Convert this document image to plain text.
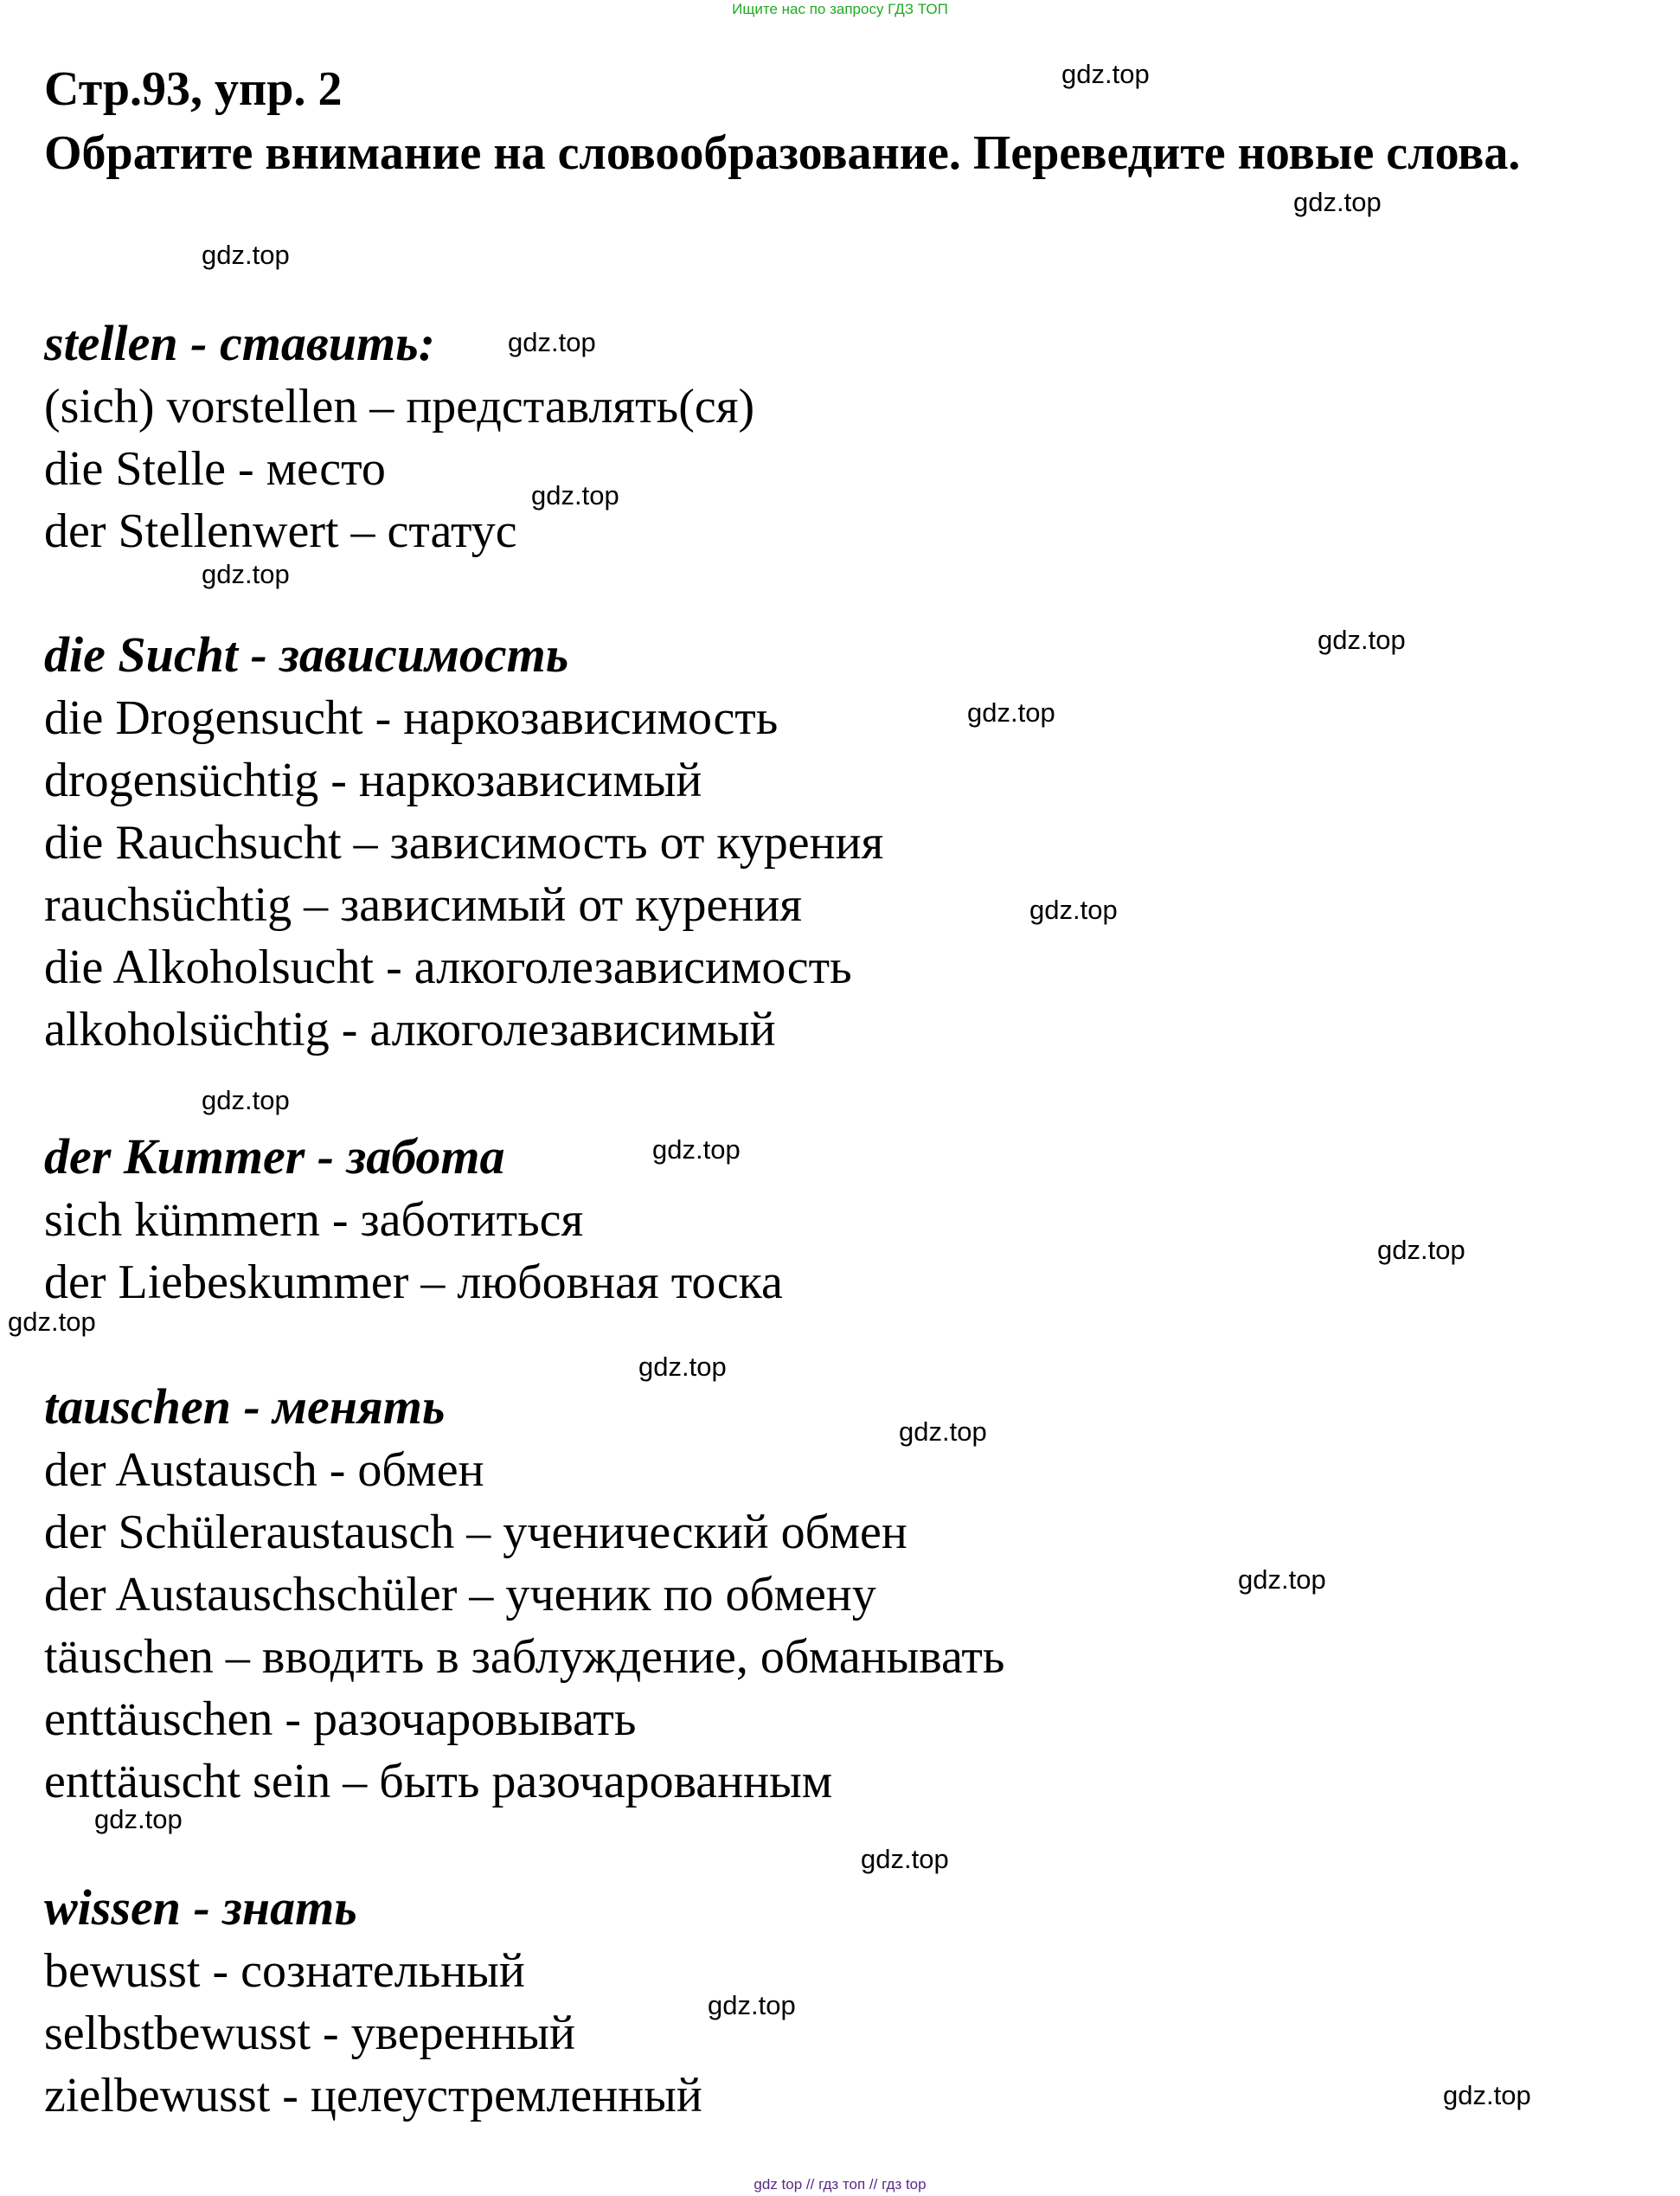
Ищите нас по запросу ГДЗ ТОП
Стр.93, упр. 2
Обратите внимание на словообразование. Переведите новые слова.
stellen - ставить:
(sich) vorstellen – представлять(ся)
die Stelle - место
der Stellenwert – статус
die Sucht - зависимость
die Drogensucht - наркозависимость
drogensüchtig - наркозависимый
die Rauchsucht – зависимость от курения
rauchsüchtig – зависимый от курения
die Alkoholsucht - алкоголезависимость
alkoholsüchtig - алкоголезависимый
der Kummer - забота
sich kümmern - заботиться
der Liebeskummer – любовная тоска
tauschen - менять
der Austausch - обмен
der Schüleraustausch – ученический обмен
der Austauschschüler – ученик по обмену
täuschen – вводить в заблуждение, обманывать
enttäuschen - разочаровывать
enttäuscht sein – быть разочарованным
wissen - знать
bewusst - сознательный
selbstbewusst - уверенный
zielbewusst - целеустремленный
gdz.top
gdz.top
gdz.top
gdz.top
gdz.top
gdz.top
gdz.top
gdz.top
gdz.top
gdz.top
gdz.top
gdz.top
gdz.top
gdz.top
gdz.top
gdz.top
gdz.top
gdz.top
gdz.top
gdz.top
gdz top // гдз топ // гдз top
